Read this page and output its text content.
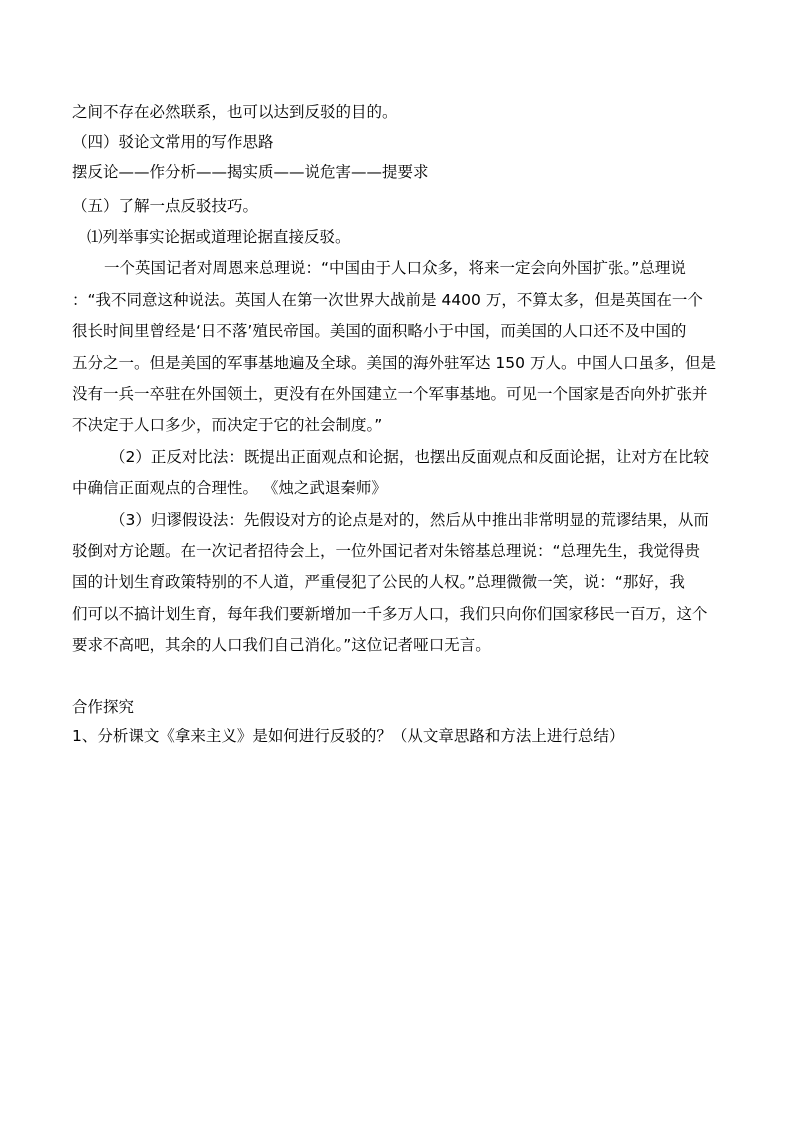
之间不存在必然联系，也可以达到反驳的目的。
（四）驳论文常用的写作思路
摆反论——作分析——揭实质——说危害——提要求
（五）了解一点反驳技巧。
⑴列举事实论据或道理论据直接反驳。
一个英国记者对周恩来总理说：“中国由于人口众多，将来一定会向外国扩张。”总理说
：“我不同意这种说法。英国人在第一次世界大战前是 4400 万，不算太多，但是英国在一个
很长时间里曾经是‘日不落’殖民帝国。美国的面积略小于中国，而美国的人口还不及中国的
五分之一。但是美国的军事基地遍及全球。美国的海外驻军达 150 万人。中国人口虽多，但是
没有一兵一卒驻在外国领土，更没有在外国建立一个军事基地。可见一个国家是否向外扩张并
不决定于人口多少，而决定于它的社会制度。”
（2）正反对比法：既提出正面观点和论据，也摆出反面观点和反面论据，让对方在比较
中确信正面观点的合理性。 《烛之武退秦师》
（3）归谬假设法：先假设对方的论点是对的，然后从中推出非常明显的荒谬结果，从而
驳倒对方论题。在一次记者招待会上，一位外国记者对朱镕基总理说：“总理先生，我觉得贵
国的计划生育政策特别的不人道，严重侵犯了公民的人权。”总理微微一笑，说：“那好，我
们可以不搞计划生育，每年我们要新增加一千多万人口，我们只向你们国家移民一百万，这个
要求不高吧，其余的人口我们自己消化。”这位记者哑口无言。
合作探究
1、分析课文《拿来主义》是如何进行反驳的？（从文章思路和方法上进行总结）
